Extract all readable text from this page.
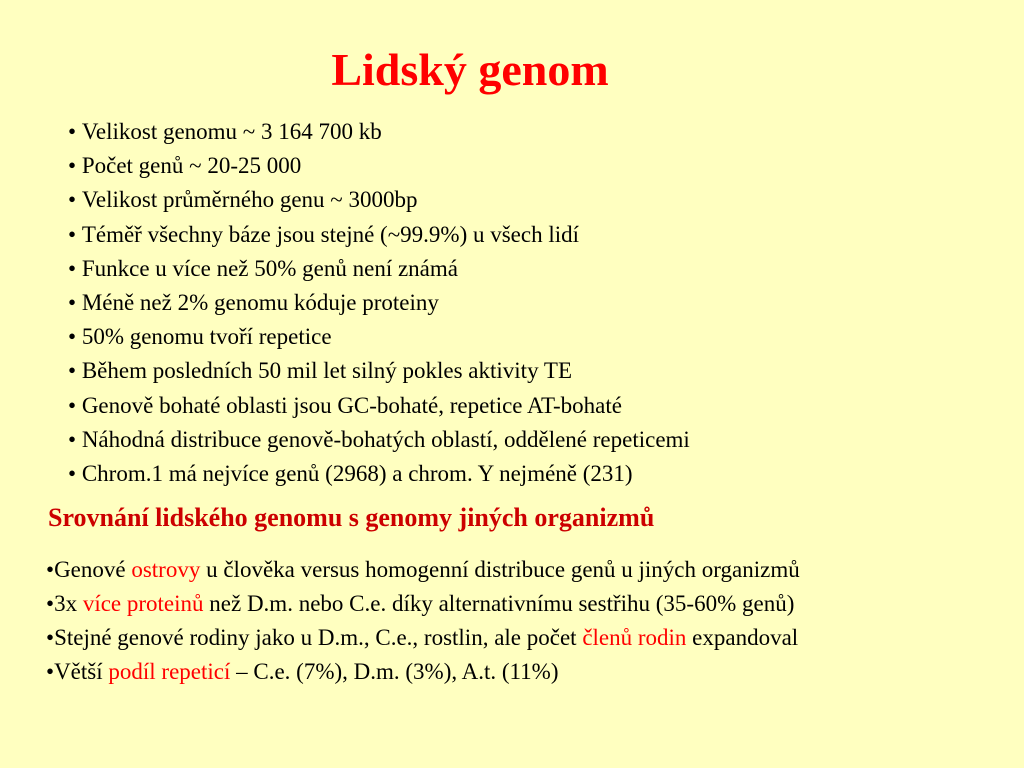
Lidský genom
• Velikost genomu ~ 3 164 700 kb
• Počet genů ~ 20-25 000
• Velikost průměrného genu ~ 3000bp
• Téměř všechny báze jsou stejné (~99.9%) u všech lidí
• Funkce u více než 50% genů není známá
• Méně než 2% genomu kóduje proteiny
• 50% genomu tvoří repetice
• Během posledních 50 mil let silný pokles aktivity TE
• Genově bohaté oblasti jsou GC-bohaté, repetice AT-bohaté
• Náhodná distribuce genově-bohatých oblastí, oddělené repeticemi
• Chrom.1 má nejvíce genů (2968) a chrom. Y nejméně (231)
Srovnání lidského genomu s genomy jiných organizmů
• Genové ostrovy u člověka versus homogenní distribuce genů u jiných organizmů
• 3x více proteinů než D.m. nebo C.e. díky alternativnímu sestřihu (35-60% genů)
• Stejné genové rodiny jako u D.m., C.e., rostlin, ale počet členů rodin expandoval
• Větší podíl repeticí – C.e. (7%), D.m. (3%), A.t. (11%)
